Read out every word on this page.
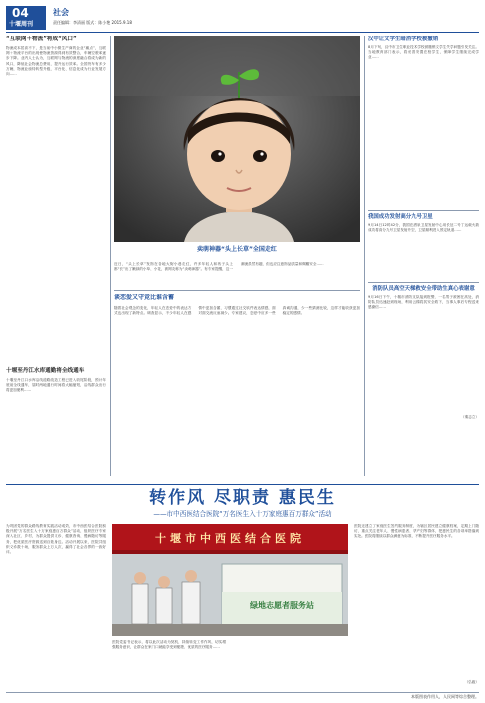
04
十堰周刊
社会
责任编辑：李清丽 版式：陈小艳 2015.9.18
“互联网＋物流”将成“风口”
物流成本居高不下，是当前中小微生产商的企业“痛点”，互联网＋物流平台的出现使物流资源得到有效整合，车辆空驶率逐步下降。业内人士认为，互联网与物流的深度融合将成为新的风口，降低社会物流总费用，提升运行效率。全国货车有多少万辆，物流业亟待转型升级，平台化、信息化成为行业发展方向……
十堰至丹江水库通勤将全线通车
十堰至丹江口水库沿线道路改造工程已进入收尾阶段，预计年底前全线通车，届时两地通行时间将大幅缩短，沿线群众出行将更加便利……
卖萌神器“头上长草”全国走红
近日，“头上长草”发饰在各地大街小巷走红，许多年轻人和孩子头上都“长”出了嫩绿的小草、小花，被网友称为“卖萌神器”。有专家提醒，这一潮流虽然有趣，但也应注意饰品质量和佩戴安全……
谈恋爱又守竞比谁含蓄
随着社会观念的变化，年轻人在恋爱中的表达方式也出现了新特点。调查显示，不少年轻人在感情中更加含蓄，习惯通过社交软件表达情感，面对面交流反而减少。专家建议，恋爱中应多一些真诚沟通，少一些猜测比较，这样才能收获更加稳定的感情。
汉中让文学生暗消学校被撤销
8月下旬，汉中市卫生职业技术学校被撤销文学生失学问题引发关注。当地教育部门表示，将妥善安置在校学生，保障学生继续完成学业……
我国成功发射高分九号卫星
9月14日12时42分，我国在酒泉卫星发射中心用长征二号丁运载火箭成功将高分九号卫星发射升空，卫星顺利进入预定轨道……
消防队员高空天梯救安全带助生真心表谢意
9月16日下午，十堰市消防支队接到报警，一名男子被困在高处，消防队员迅速赶到现场，利用云梯将其安全救下，当事人事后专程送来感谢信……
（秦志立）
转作风 尽职责 惠民生
——市中西医结合医院“万名医生入十万家庭惠百万群众”活动
为巩固党的群众路线教育实践活动成效，市中西医结合医院积极开展“万名医生入十万家庭惠百万群众”活动，组织医疗专家深入社区、乡村，为群众提供义诊、健康咨询、慢病随访等服务，把优质医疗资源送到百姓身边。活动开展以来，医院共组织义诊数十场，服务群众上万人次，赢得了社会各界的一致好评。
十堰市中西医结合医院
绿地志愿者服务站
医院党委书记表示，将以此次活动为契机，持续转变工作作风，切实增强服务意识，让群众在家门口就能享受到便捷、优质的医疗服务……
医院还建立了家庭医生签约服务制度，为辖区居民建立健康档案，定期上门随访，重点关注老年人、慢性病患者、孕产妇等群体，把惠民生的各项举措落到实处。医院将继续以群众满意为标准，不断提升医疗服务水平。
（弘毅）
本版图表作用人，人民网等综合整理。
